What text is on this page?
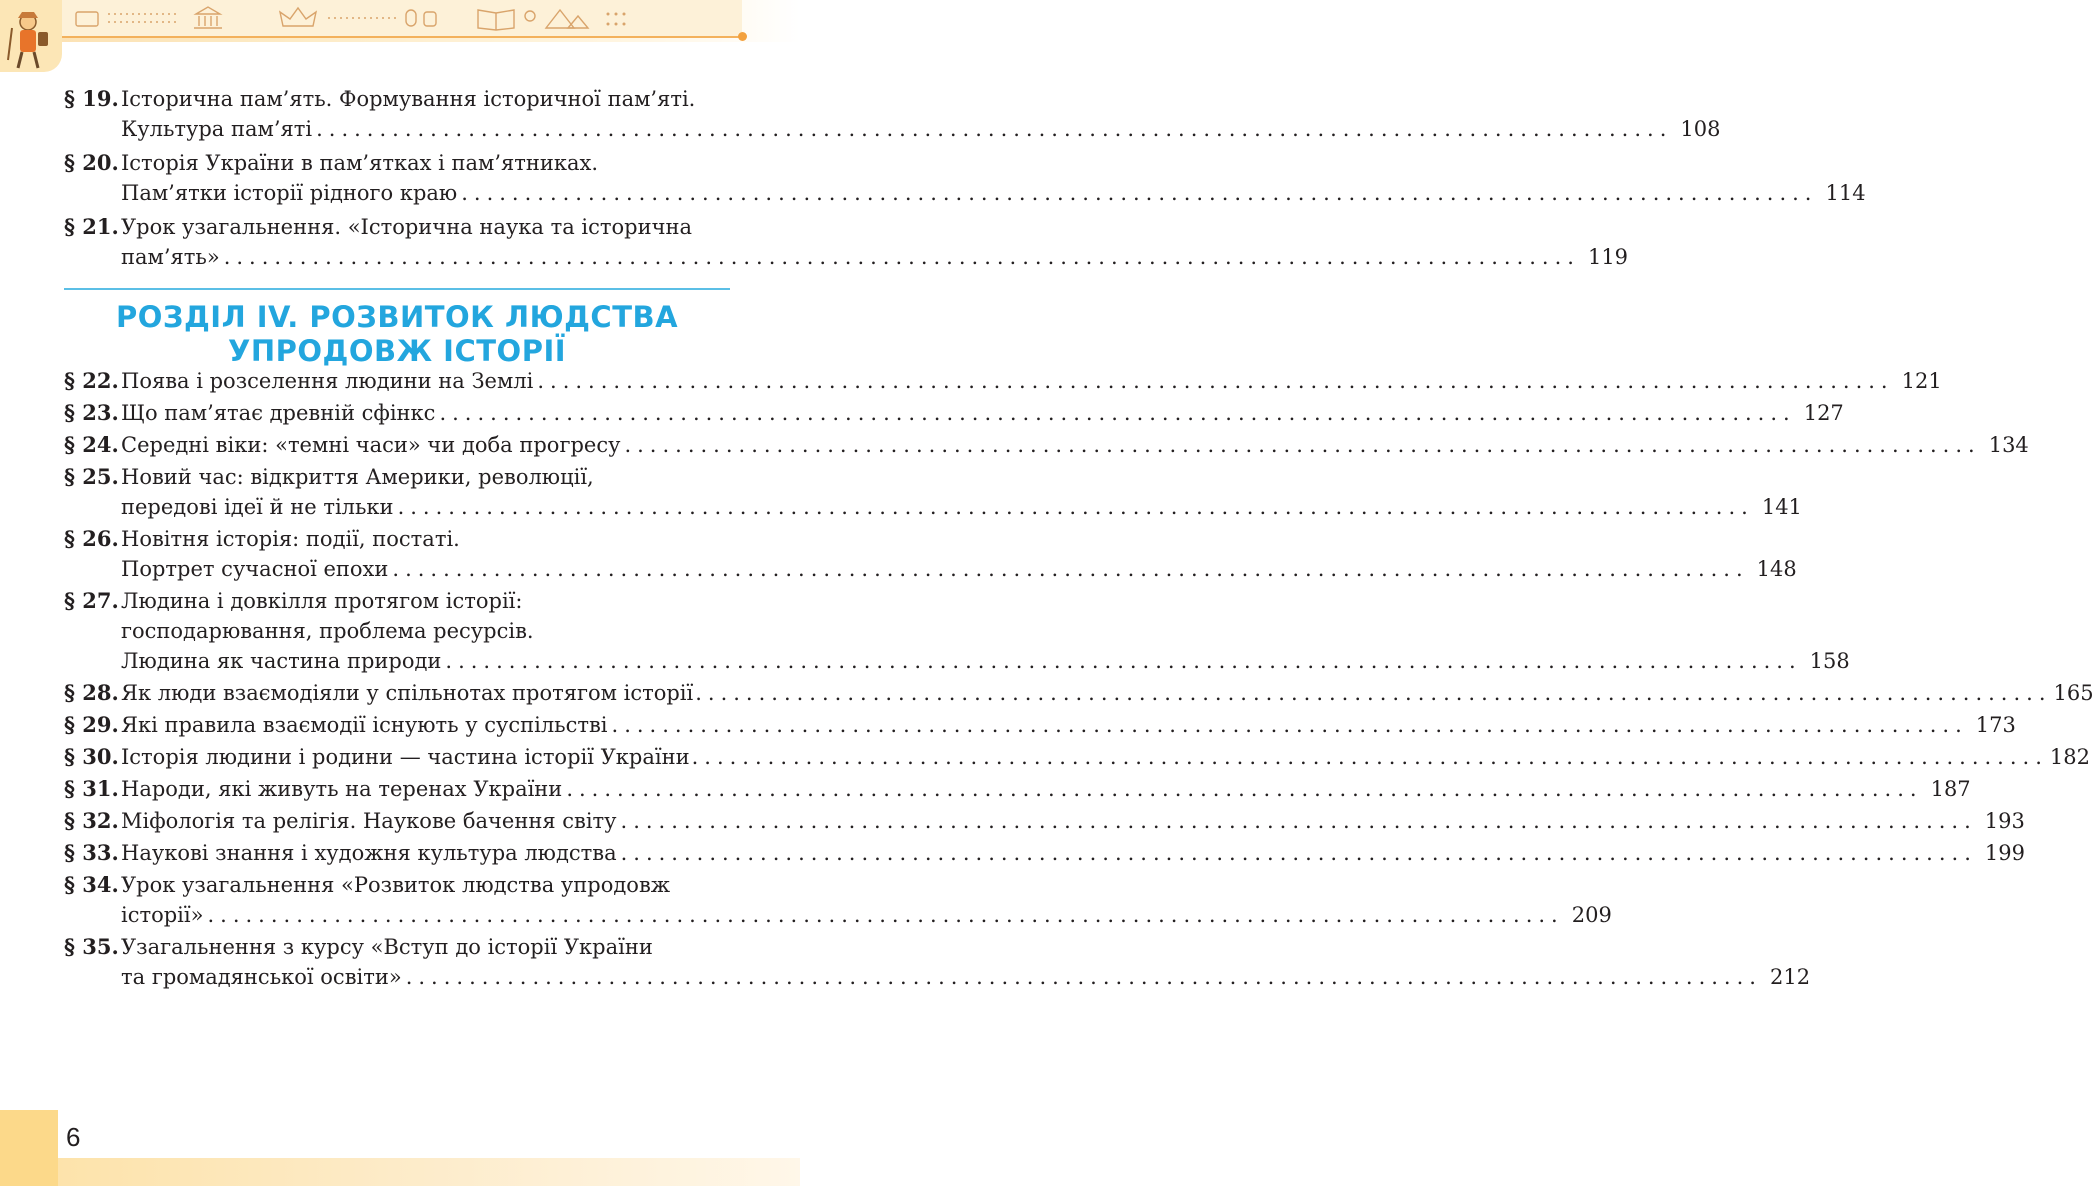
6
§ 19. Історична пам’ять. Формування історичної пам’яті.
Культура пам’яті .....	108
§ 20. Історія України в пам’ятках і пам’ятниках.
Пам’ятки історії рідного краю .....	114
§ 21. Урок узагальнення. «Історична наука та історична
пам’ять» .....	119
РОЗДІЛ IV. РОЗВИТОК ЛЮДСТВА
УПРОДОВЖ ІСТОРІЇ
§ 22. Поява і розселення людини на Землі .....	121
§ 23. Що пам’ятає древній сфінкс .....	127
§ 24. Середні віки: «темні часи» чи доба прогресу .....	134
§ 25. Новий час: відкриття Америки, революції,
передові ідеї й не тільки .....	141
§ 26. Новітня історія: події, постаті.
Портрет сучасної епохи .....	148
§ 27. Людина і довкілля протягом історії:
господарювання, проблема ресурсів.
Людина як частина природи .....	158
§ 28. Як люди взаємодіяли у спільнотах протягом історії .....	165
§ 29. Які правила взаємодії існують у суспільстві .....	173
§ 30. Історія людини і родини — частина історії України .....	182
§ 31. Народи, які живуть на теренах України .....	187
§ 32. Міфологія та релігія. Наукове бачення світу .....	193
§ 33. Наукові знання і художня культура людства .....	199
§ 34. Урок узагальнення «Розвиток людства упродовж
історії» .....	209
§ 35. Узагальнення з курсу «Вступ до історії України
та громадянської освіти» .....	212
